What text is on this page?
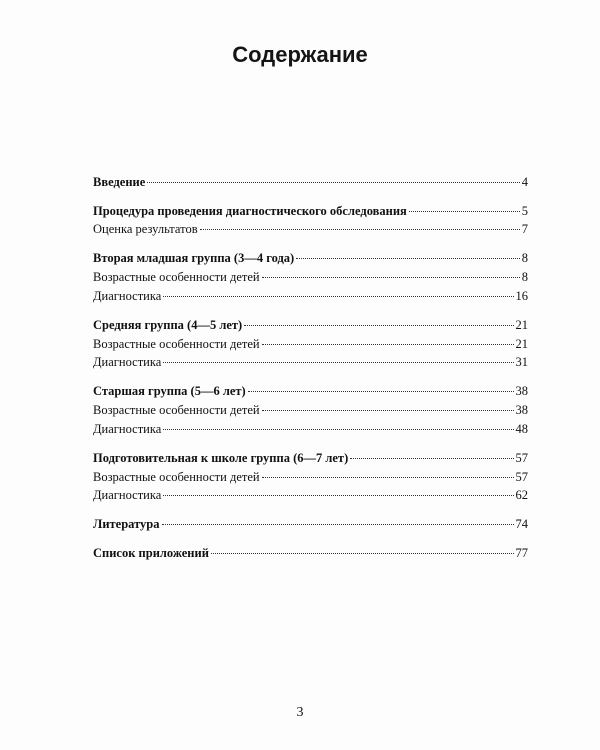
Содержание
Введение	4
Процедура проведения диагностического обследования	5
Оценка результатов	7
Вторая младшая группа (3—4 года)	8
Возрастные особенности детей	8
Диагностика	16
Средняя группа (4—5 лет)	21
Возрастные особенности детей	21
Диагностика	31
Старшая группа (5—6 лет)	38
Возрастные особенности детей	38
Диагностика	48
Подготовительная к школе группа (6—7 лет)	57
Возрастные особенности детей	57
Диагностика	62
Литература	74
Список приложений	77
3
